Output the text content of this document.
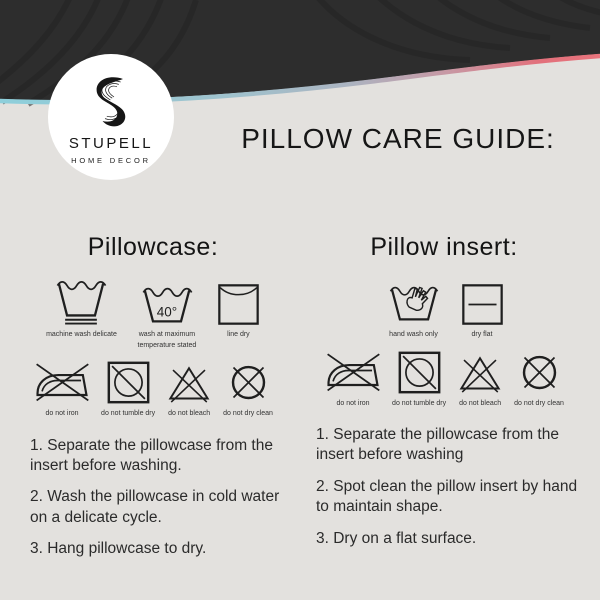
STUPELL
HOME DECOR
PILLOW CARE GUIDE:
Pillowcase:
machine wash delicate
40°
wash at maximum temperature stated
line dry
do not iron	do not tumble dry do not bleach do not dry clean

1. Separate the pillowcase from the insert before washing.

2. Wash the pillowcase in cold water on a delicate cycle.

3. Hang pillowcase to dry.

Pillow insert:
hand wash only	dry flat
do not iron	do not tumble dry do not bleach do not dry clean

1. Separate the pillowcase from the insert before washing

2. Spot clean the pillow insert by hand to maintain shape.

3. Dry on a flat surface.
